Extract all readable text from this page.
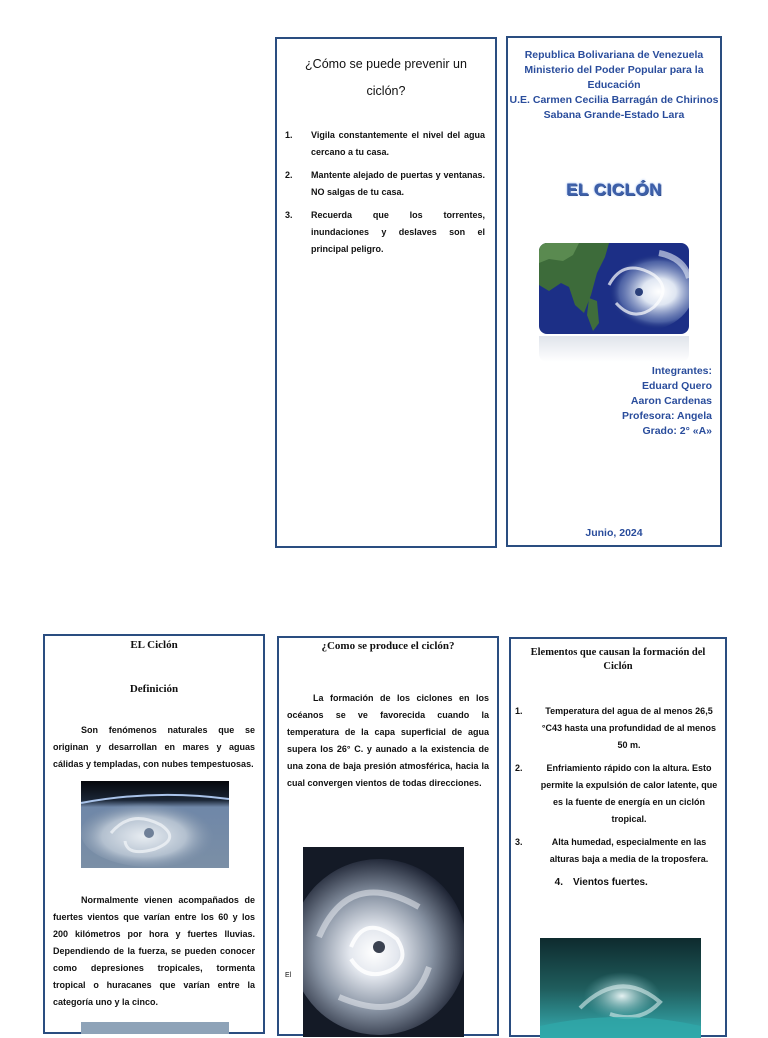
¿Cómo se puede prevenir un ciclón?
1.	Vigila constantemente el nivel del agua cercano a tu casa.
2.	Mantente alejado de puertas y ventanas. NO salgas de tu casa.
3.	Recuerda que los torrentes, inundaciones y deslaves son el principal peligro.
Republica Bolivariana de Venezuela
Ministerio del Poder Popular para la
Educación
U.E. Carmen Cecilia Barragán de Chirinos
Sabana Grande-Estado Lara
EL CICLÓN
Integrantes:
Eduard Quero
Aaron Cardenas
Profesora: Angela
Grado: 2° «A»
Junio, 2024
EL Ciclón
Definición
Son fenómenos naturales que se originan y desarrollan en mares y aguas cálidas y templadas, con nubes tempestuosas.
Normalmente vienen acompañados de fuertes vientos que varían entre los 60 y los 200 kilómetros por hora y fuertes lluvias. Dependiendo de la fuerza, se pueden conocer como depresiones tropicales, tormenta tropical o huracanes que varían entre la categoría uno y la cinco.
¿Como se produce el ciclón?
La formación de los ciclones en los océanos se ve favorecida cuando la temperatura de la capa superficial de agua supera los 26° C. y aunado a la existencia de una zona de baja presión atmosférica, hacia la cual convergen vientos de todas direcciones.
El
Elementos que causan la formación del Ciclón
1.	Temperatura del agua de al menos 26,5 °C43 hasta una profundidad de al menos 50 m.
2.	Enfriamiento rápido con la altura. Esto permite la expulsión de calor latente, que es la fuente de energía en un ciclón tropical.
3.	Alta humedad, especialmente en las alturas baja a media de la troposfera.
4.	Vientos fuertes.
